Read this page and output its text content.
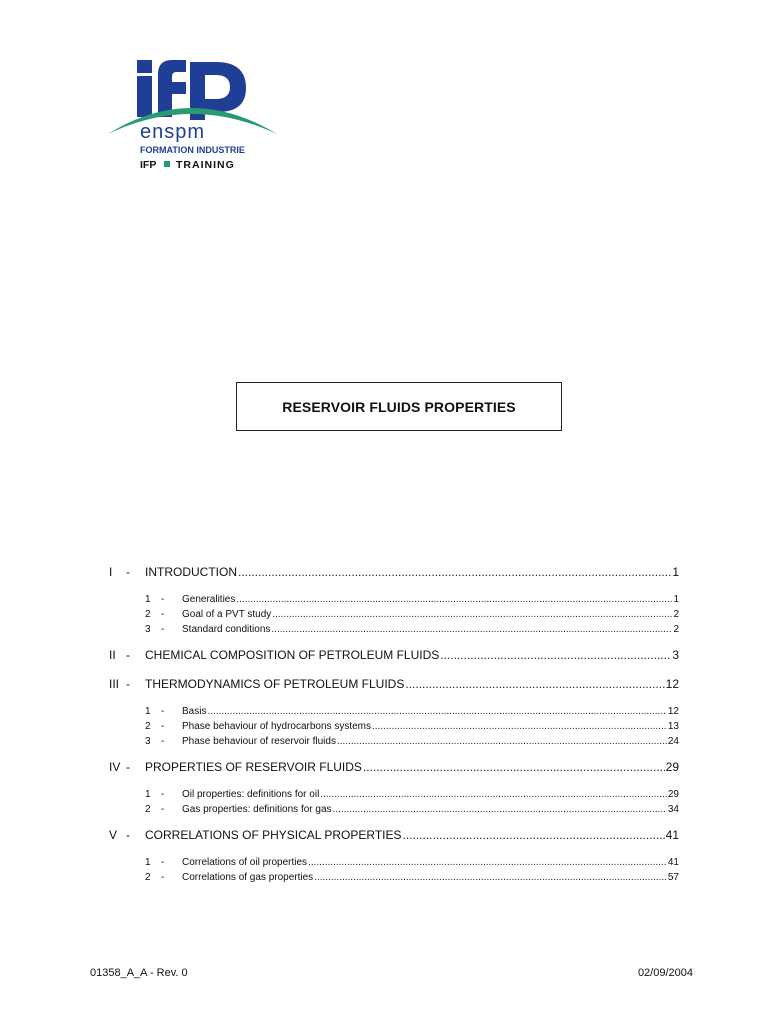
enspm
FORMATION INDUSTRIE
IFP TRAINING
RESERVOIR FLUIDS PROPERTIES
I	-	INTRODUCTION .....	1
1	-	Generalities .....	1
2	-	Goal of a PVT study .....	2
3	-	Standard conditions .....	2
II -	CHEMICAL COMPOSITION OF PETROLEUM FLUIDS .....	3
III -	THERMODYNAMICS OF PETROLEUM FLUIDS .....	12
1	-	Basis .....	12
2	-	Phase behaviour of hydrocarbons systems .....	13
3	-	Phase behaviour of reservoir fluids .....	24
IV -	PROPERTIES OF RESERVOIR FLUIDS .....	29
1	-	Oil properties: definitions for oil .....	29
2	-	Gas properties: definitions for gas .....	34
V -	CORRELATIONS OF PHYSICAL PROPERTIES .....	41
1	-	Correlations of oil properties .....	41
2	-	Correlations of gas properties .....	57
01358_A_A - Rev. 0	02/09/2004
